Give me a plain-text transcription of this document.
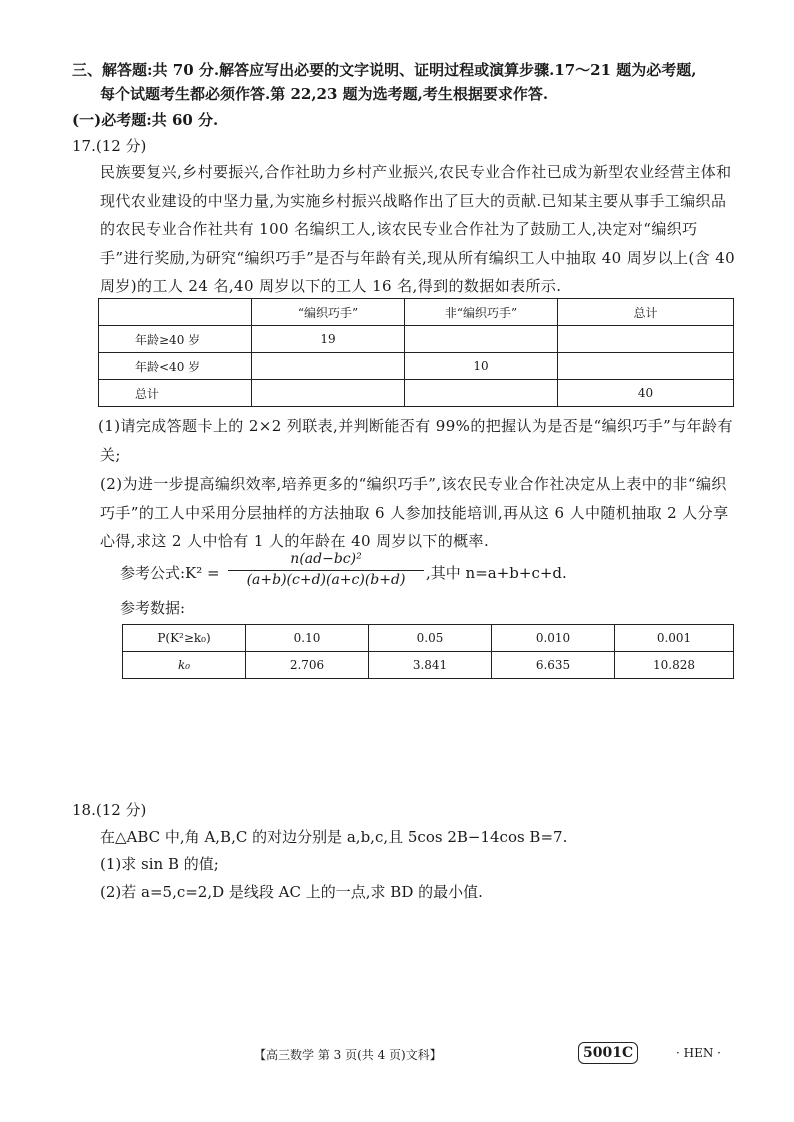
三、解答题:共 70 分.解答应写出必要的文字说明、证明过程或演算步骤.17～21 题为必考题,
每个试题考生都必须作答.第 22,23 题为选考题,考生根据要求作答.
(一)必考题:共 60 分.
17.(12 分)
民族要复兴,乡村要振兴,合作社助力乡村产业振兴,农民专业合作社已成为新型农业经营主体和现代农业建设的中坚力量,为实施乡村振兴战略作出了巨大的贡献.已知某主要从事手工编织品的农民专业合作社共有 100 名编织工人,该农民专业合作社为了鼓励工人,决定对“编织巧手”进行奖励,为研究“编织巧手”是否与年龄有关,现从所有编织工人中抽取 40 周岁以上(含 40 周岁)的工人 24 名,40 周岁以下的工人 16 名,得到的数据如表所示.
	“编织巧手”	非“编织巧手”	总计
年龄≥40 岁	19		
年龄<40 岁		10	
总计			40
(1)请完成答题卡上的 2×2 列联表,并判断能否有 99%的把握认为是否是“编织巧手”与年龄有关;
(2)为进一步提高编织效率,培养更多的“编织巧手”,该农民专业合作社决定从上表中的非“编织巧手”的工人中采用分层抽样的方法抽取 6 人参加技能培训,再从这 6 人中随机抽取 2 人分享心得,求这 2 人中恰有 1 人的年龄在 40 周岁以下的概率.
参考公式:K² =
n(ad−bc)²
(a+b)(c+d)(a+c)(b+d)	,其中 n=a+b+c+d.
参考数据:
P(K²≥k₀)	0.10	0.05	0.010	0.001
k₀	2.706	3.841	6.635	10.828
18.(12 分)
在△ABC 中,角 A,B,C 的对边分别是 a,b,c,且 5cos 2B−14cos B=7.
(1)求 sin B 的值;
(2)若 a=5,c=2,D 是线段 AC 上的一点,求 BD 的最小值.
【高三数学 第 3 页(共 4 页)文科】	5001C	· HEN ·
